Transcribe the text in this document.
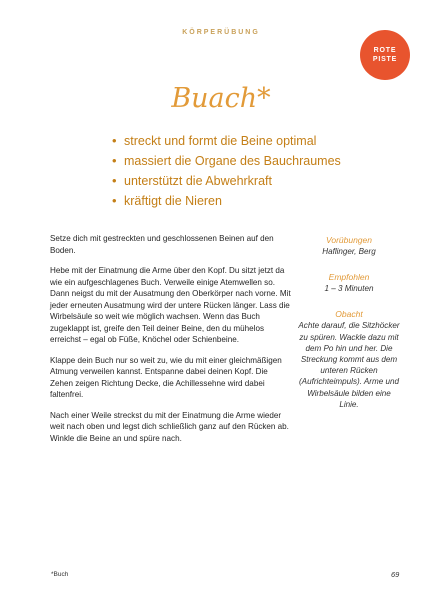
KÖRPERÜBUNG
ROTE
PISTE
Buach*
• streckt und formt die Beine optimal
• massiert die Organe des Bauchraumes
• unterstützt die Abwehrkraft
• kräftigt die Nieren

Setze dich mit gestreckten und geschlossenen Beinen auf den Boden.

Hebe mit der Einatmung die Arme über den Kopf. Du sitzt jetzt da wie ein aufgeschlagenes Buch. Verweile einige Atemwellen so. Dann neigst du mit der Ausatmung den Oberkörper nach vorne. Mit jeder erneuten Ausatmung wird der untere Rücken länger. Lass die Wirbelsäule so weit wie möglich wachsen. Wenn das Buch zugeklappt ist, greife den Teil deiner Beine, den du mühelos erreichst – egal ob Füße, Knöchel oder Schienbeine.

Klappe dein Buch nur so weit zu, wie du mit einer gleichmäßigen Atmung verweilen kannst. Entspanne dabei deinen Kopf. Die Zehen zeigen Richtung Decke, die Achillessehne wird dabei faltenfrei.

Nach einer Weile streckst du mit der Einatmung die Arme wieder weit nach oben und legst dich schließlich ganz auf den Rücken ab. Winkle die Beine an und spüre nach.

Vorübungen
Haflinger, Berg
Empfohlen
1 – 3 Minuten
Obacht
Achte darauf, die Sitzhöcker zu spüren. Wackle dazu mit dem Po hin und her. Die Streckung kommt aus dem unteren Rücken (Aufrichteimpuls). Arme und Wirbelsäule bilden eine Linie.
*Buch	69
